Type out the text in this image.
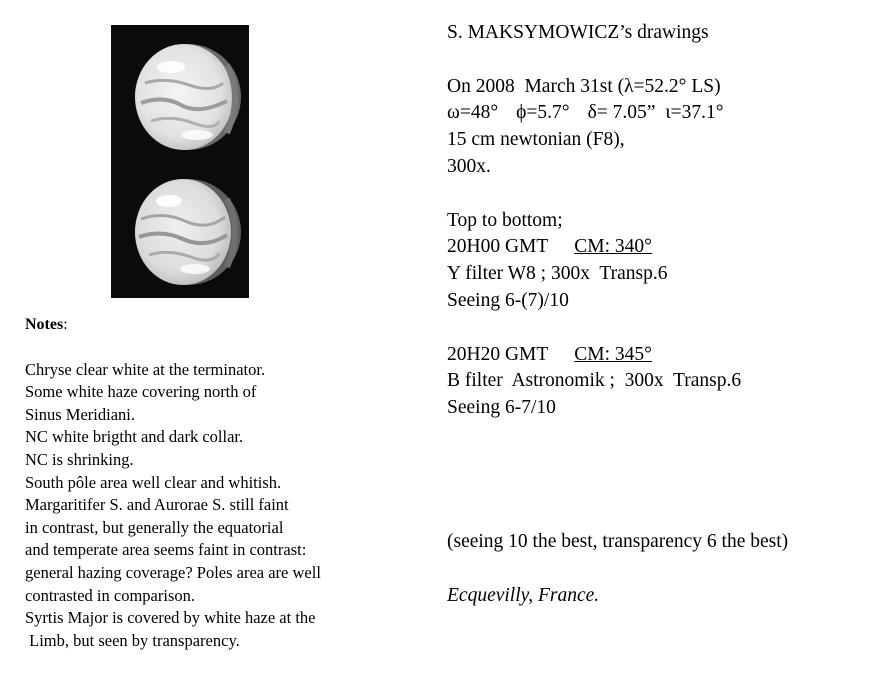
Notes:
Chryse clear white at the terminator.
Some white haze covering north of
Sinus Meridiani.
NC white brigtht and dark collar.
NC is shrinking.
South pôle area well clear and whitish.
Margaritifer S. and Aurorae S. still faint
in contrast, but generally the equatorial
and temperate area seems faint in contrast:
general hazing coverage? Poles area are well
contrasted in comparison.
Syrtis Major is covered by white haze at the
Limb, but seen by transparency.
S. MAKSYMOWICZ’s drawings
On 2008  March 31st (λ=52.2° LS)
ω=48° ϕ=5.7° δ= 7.05” ι=37.1°
15 cm newtonian (F8),
300x.
Top to bottom;
20H00 GMT CM: 340°
Y filter W8 ; 300x  Transp.6
Seeing 6-(7)/10
20H20 GMT CM: 345°
B filter  Astronomik ;  300x  Transp.6
Seeing 6-7/10
(seeing 10 the best, transparency 6 the best)
Ecquevilly, France.
